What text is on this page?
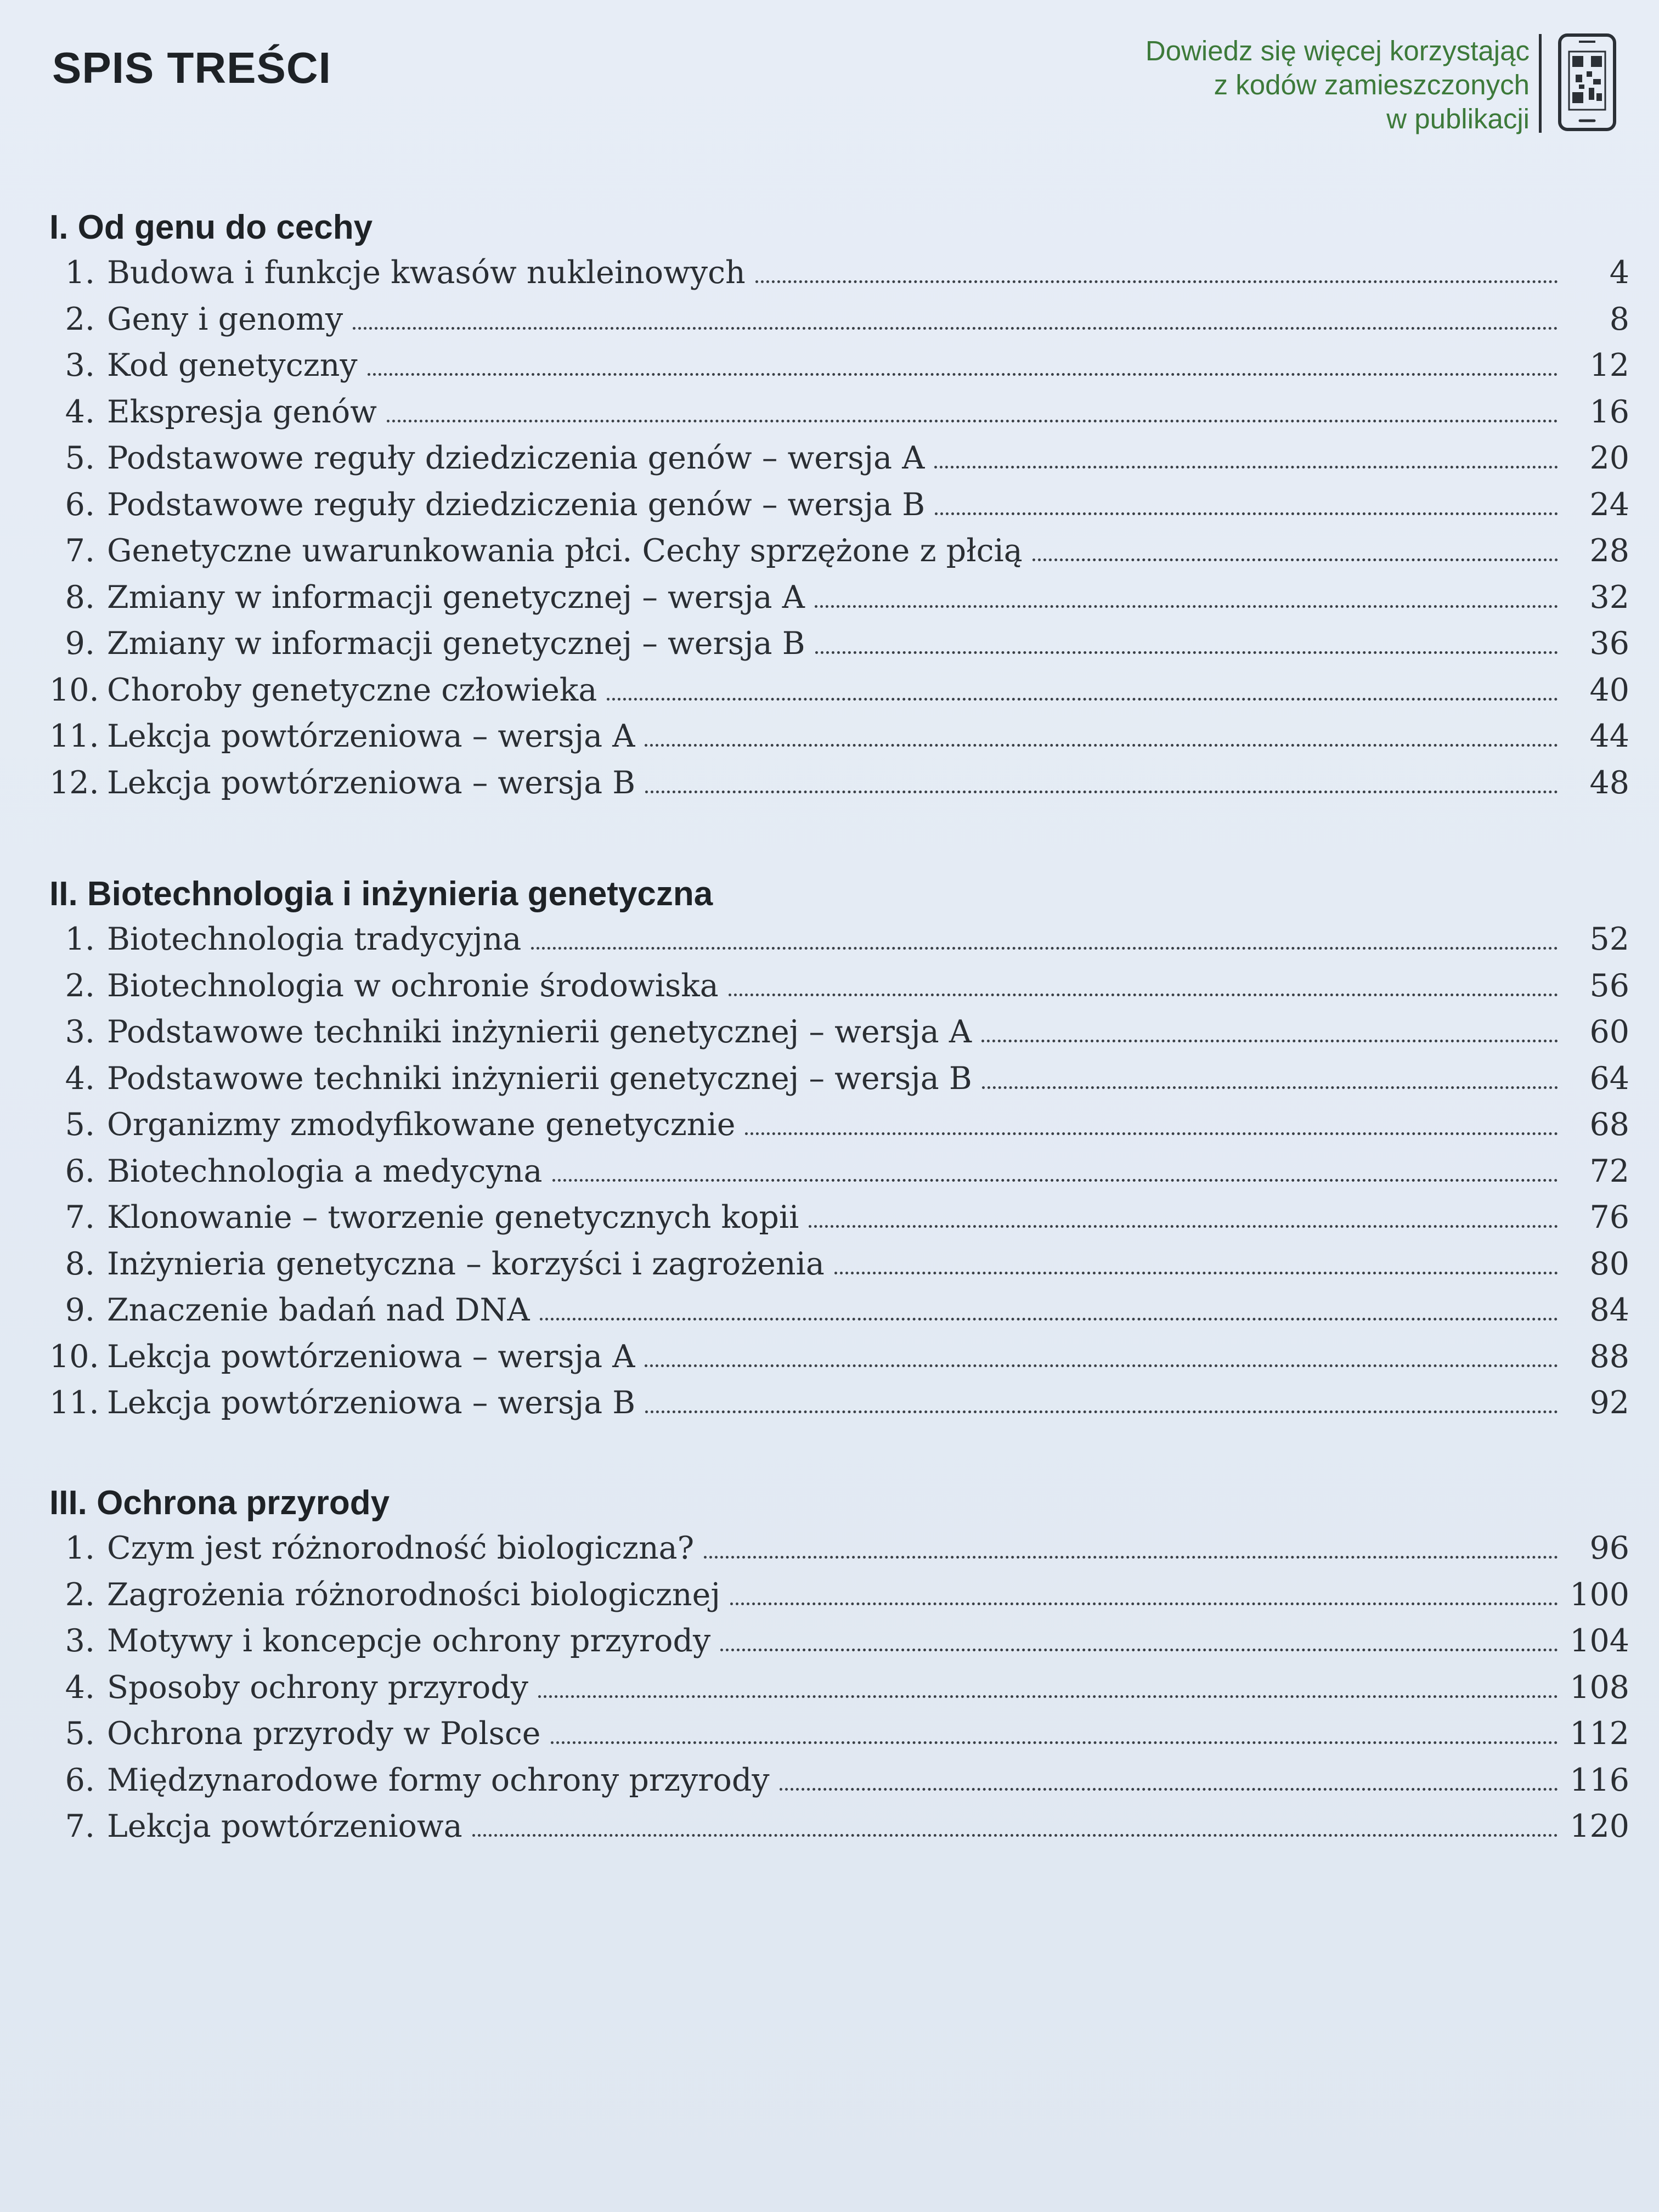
SPIS TREŚCI	Dowiedz się więcej korzystając
z kodów zamieszczonych
w publikacji
I. Od genu do cechy
1. Budowa i funkcje kwasów nukleinowych	4
2. Geny i genomy	8
3. Kod genetyczny	12
4. Ekspresja genów	16
5. Podstawowe reguły dziedziczenia genów – wersja A	20
6. Podstawowe reguły dziedziczenia genów – wersja B	24
7. Genetyczne uwarunkowania płci. Cechy sprzężone z płcią	28
8. Zmiany w informacji genetycznej – wersja A	32
9. Zmiany w informacji genetycznej – wersja B	36
10. Choroby genetyczne człowieka	40
11. Lekcja powtórzeniowa – wersja A	44
12. Lekcja powtórzeniowa – wersja B	48
II. Biotechnologia i inżynieria genetyczna
1. Biotechnologia tradycyjna	52
2. Biotechnologia w ochronie środowiska	56
3. Podstawowe techniki inżynierii genetycznej – wersja A	60
4. Podstawowe techniki inżynierii genetycznej – wersja B	64
5. Organizmy zmodyfikowane genetycznie	68
6. Biotechnologia a medycyna	72
7. Klonowanie – tworzenie genetycznych kopii	76
8. Inżynieria genetyczna – korzyści i zagrożenia	80
9. Znaczenie badań nad DNA	84
10. Lekcja powtórzeniowa – wersja A	88
11. Lekcja powtórzeniowa – wersja B	92
III. Ochrona przyrody
1. Czym jest różnorodność biologiczna?	96
2. Zagrożenia różnorodności biologicznej	100
3. Motywy i koncepcje ochrony przyrody	104
4. Sposoby ochrony przyrody	108
5. Ochrona przyrody w Polsce	112
6. Międzynarodowe formy ochrony przyrody	116
7. Lekcja powtórzeniowa	120
